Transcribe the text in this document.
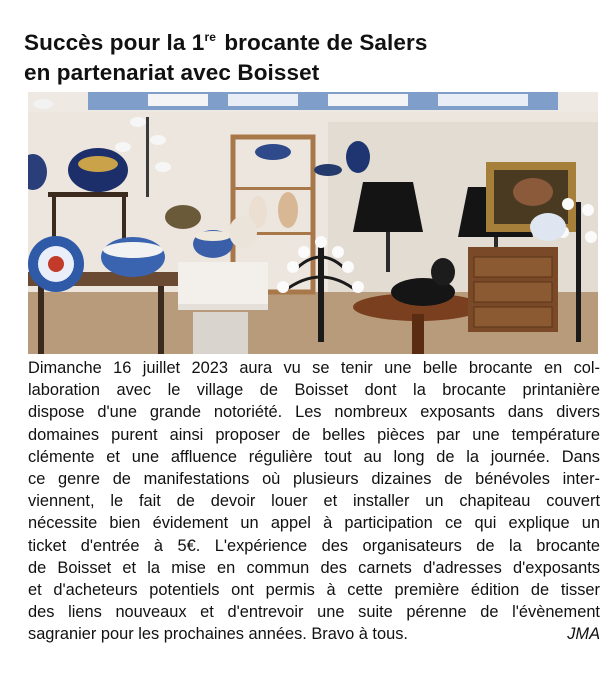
Succès pour la 1re brocante de Salers
en partenariat avec Boisset
Dimanche 16 juillet 2023 aura vu se tenir une belle brocante en col-
laboration avec le village de Boisset dont la brocante printanière
dispose d'une grande notoriété. Les nombreux exposants dans divers
domaines purent ainsi proposer de belles pièces par une température
clémente et une affluence régulière tout au long de la journée. Dans
ce genre de manifestations où plusieurs dizaines de bénévoles inter-
viennent, le fait de devoir louer et installer un chapiteau couvert
nécessite bien évidement un appel à participation ce qui explique un
ticket d'entrée à 5€. L'expérience des organisateurs de la brocante
de Boisset et la mise en commun des carnets d'adresses d'exposants
et d'acheteurs potentiels ont permis à cette première édition de tisser
des liens nouveaux et d'entrevoir une suite pérenne de l'évènement
sagranier pour les prochaines années. Bravo à tous.	JMA
